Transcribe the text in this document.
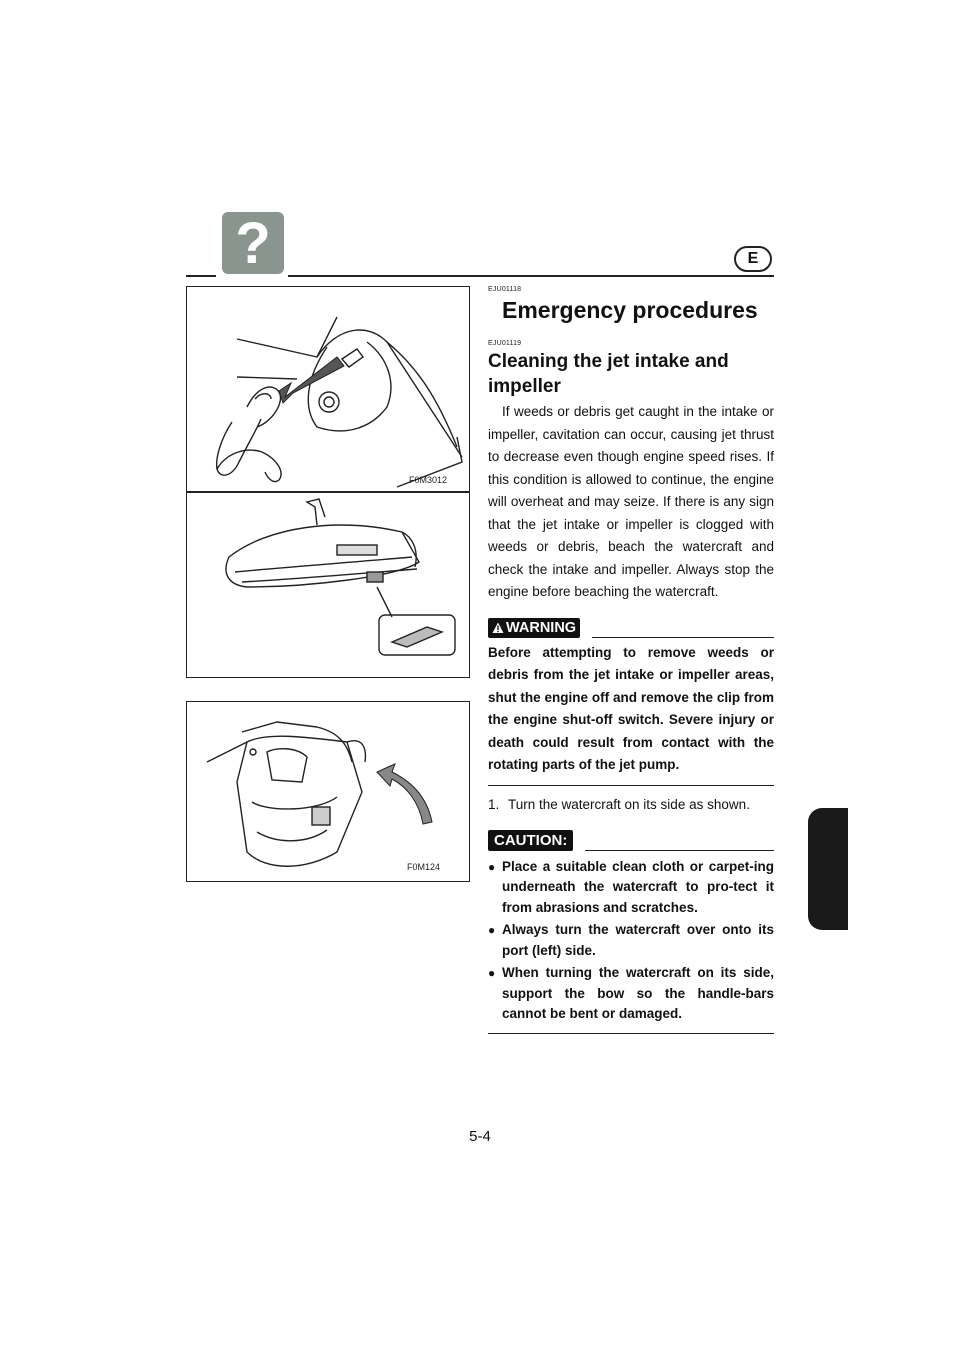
?	E
F0M3012
F0M124
EJU01118
Emergency procedures
EJU01119
Cleaning the jet intake and impeller

If weeds or debris get caught in the intake or impeller, cavitation can occur, causing jet thrust to decrease even though engine speed rises. If this condition is allowed to continue, the engine will overheat and may seize. If there is any sign that the jet intake or impeller is clogged with weeds or debris, beach the watercraft and check the intake and impeller. Always stop the engine before beaching the watercraft.

WARNING

Before attempting to remove weeds or debris from the jet intake or impeller areas, shut the engine off and remove the clip from the engine shut-off switch. Severe injury or death could result from contact with the rotating parts of the jet pump.

1. Turn the watercraft on its side as shown.
CAUTION:
● Place a suitable clean cloth or carpet-ing underneath the watercraft to pro-tect it from abrasions and scratches.
● Always turn the watercraft over onto its port (left) side.
● When turning the watercraft on its side, support the bow so the handle-bars cannot be bent or damaged.
5-4
